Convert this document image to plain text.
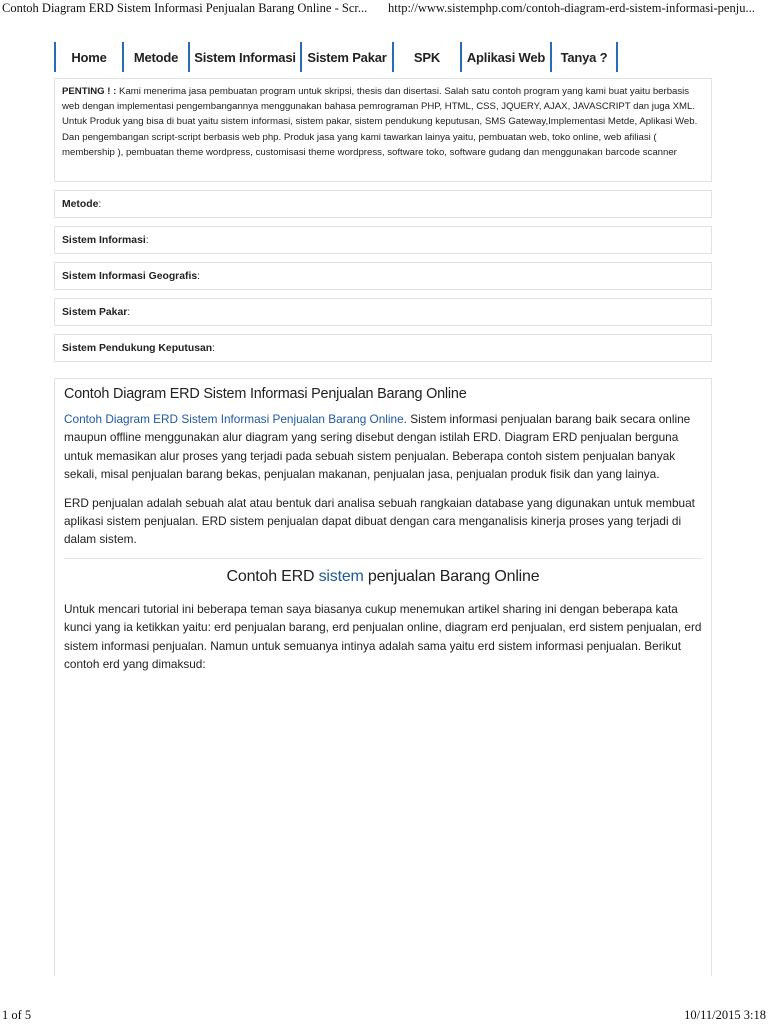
Contoh Diagram ERD Sistem Informasi Penjualan Barang Online - Scr... http://www.sistemphp.com/contoh-diagram-erd-sistem-informasi-penju...
Home	Metode	Sistem Informasi Sistem Pakar	SPK	Aplikasi Web	Tanya ?
PENTING ! : Kami menerima jasa pembuatan program untuk skripsi, thesis dan disertasi. Salah satu contoh program yang kami buat yaitu berbasis web dengan implementasi pengembangannya menggunakan bahasa pemrograman PHP, HTML, CSS, JQUERY, AJAX, JAVASCRIPT dan juga XML. Untuk Produk yang bisa di buat yaitu sistem informasi, sistem pakar, sistem pendukung keputusan, SMS Gateway,Implementasi Metde, Aplikasi Web. Dan pengembangan script-script berbasis web php. Produk jasa yang kami tawarkan lainya yaitu, pembuatan web, toko online, web afiliasi ( membership ), pembuatan theme wordpress, customisasi theme wordpress, software toko, software gudang dan menggunakan barcode scanner
Metode :
Sistem Informasi :
Sistem Informasi Geografis :
Sistem Pakar :
Sistem Pendukung Keputusan :
Contoh Diagram ERD Sistem Informasi Penjualan Barang Online

Contoh Diagram ERD Sistem Informasi Penjualan Barang Online. Sistem informasi penjualan barang baik secara online maupun offline menggunakan alur diagram yang sering disebut dengan istilah ERD. Diagram ERD penjualan berguna untuk memasikan alur proses yang terjadi pada sebuah sistem penjualan. Beberapa contoh sistem penjualan banyak sekali, misal penjualan barang bekas, penjualan makanan, penjualan jasa, penjualan produk fisik dan yang lainya.

ERD penjualan adalah sebuah alat atau bentuk dari analisa sebuah rangkaian database yang digunakan untuk membuat aplikasi sistem penjualan. ERD sistem penjualan dapat dibuat dengan cara menganalisis kinerja proses yang terjadi di dalam sistem.

Contoh ERD sistem penjualan Barang Online

Untuk mencari tutorial ini beberapa teman saya biasanya cukup menemukan artikel sharing ini dengan beberapa kata kunci yang ia ketikkan yaitu: erd penjualan barang, erd penjualan online, diagram erd penjualan, erd sistem penjualan, erd sistem informasi penjualan. Namun untuk semuanya intinya adalah sama yaitu erd sistem informasi penjualan. Berikut contoh erd yang dimaksud:

1 of 5	10/11/2015 3:18
